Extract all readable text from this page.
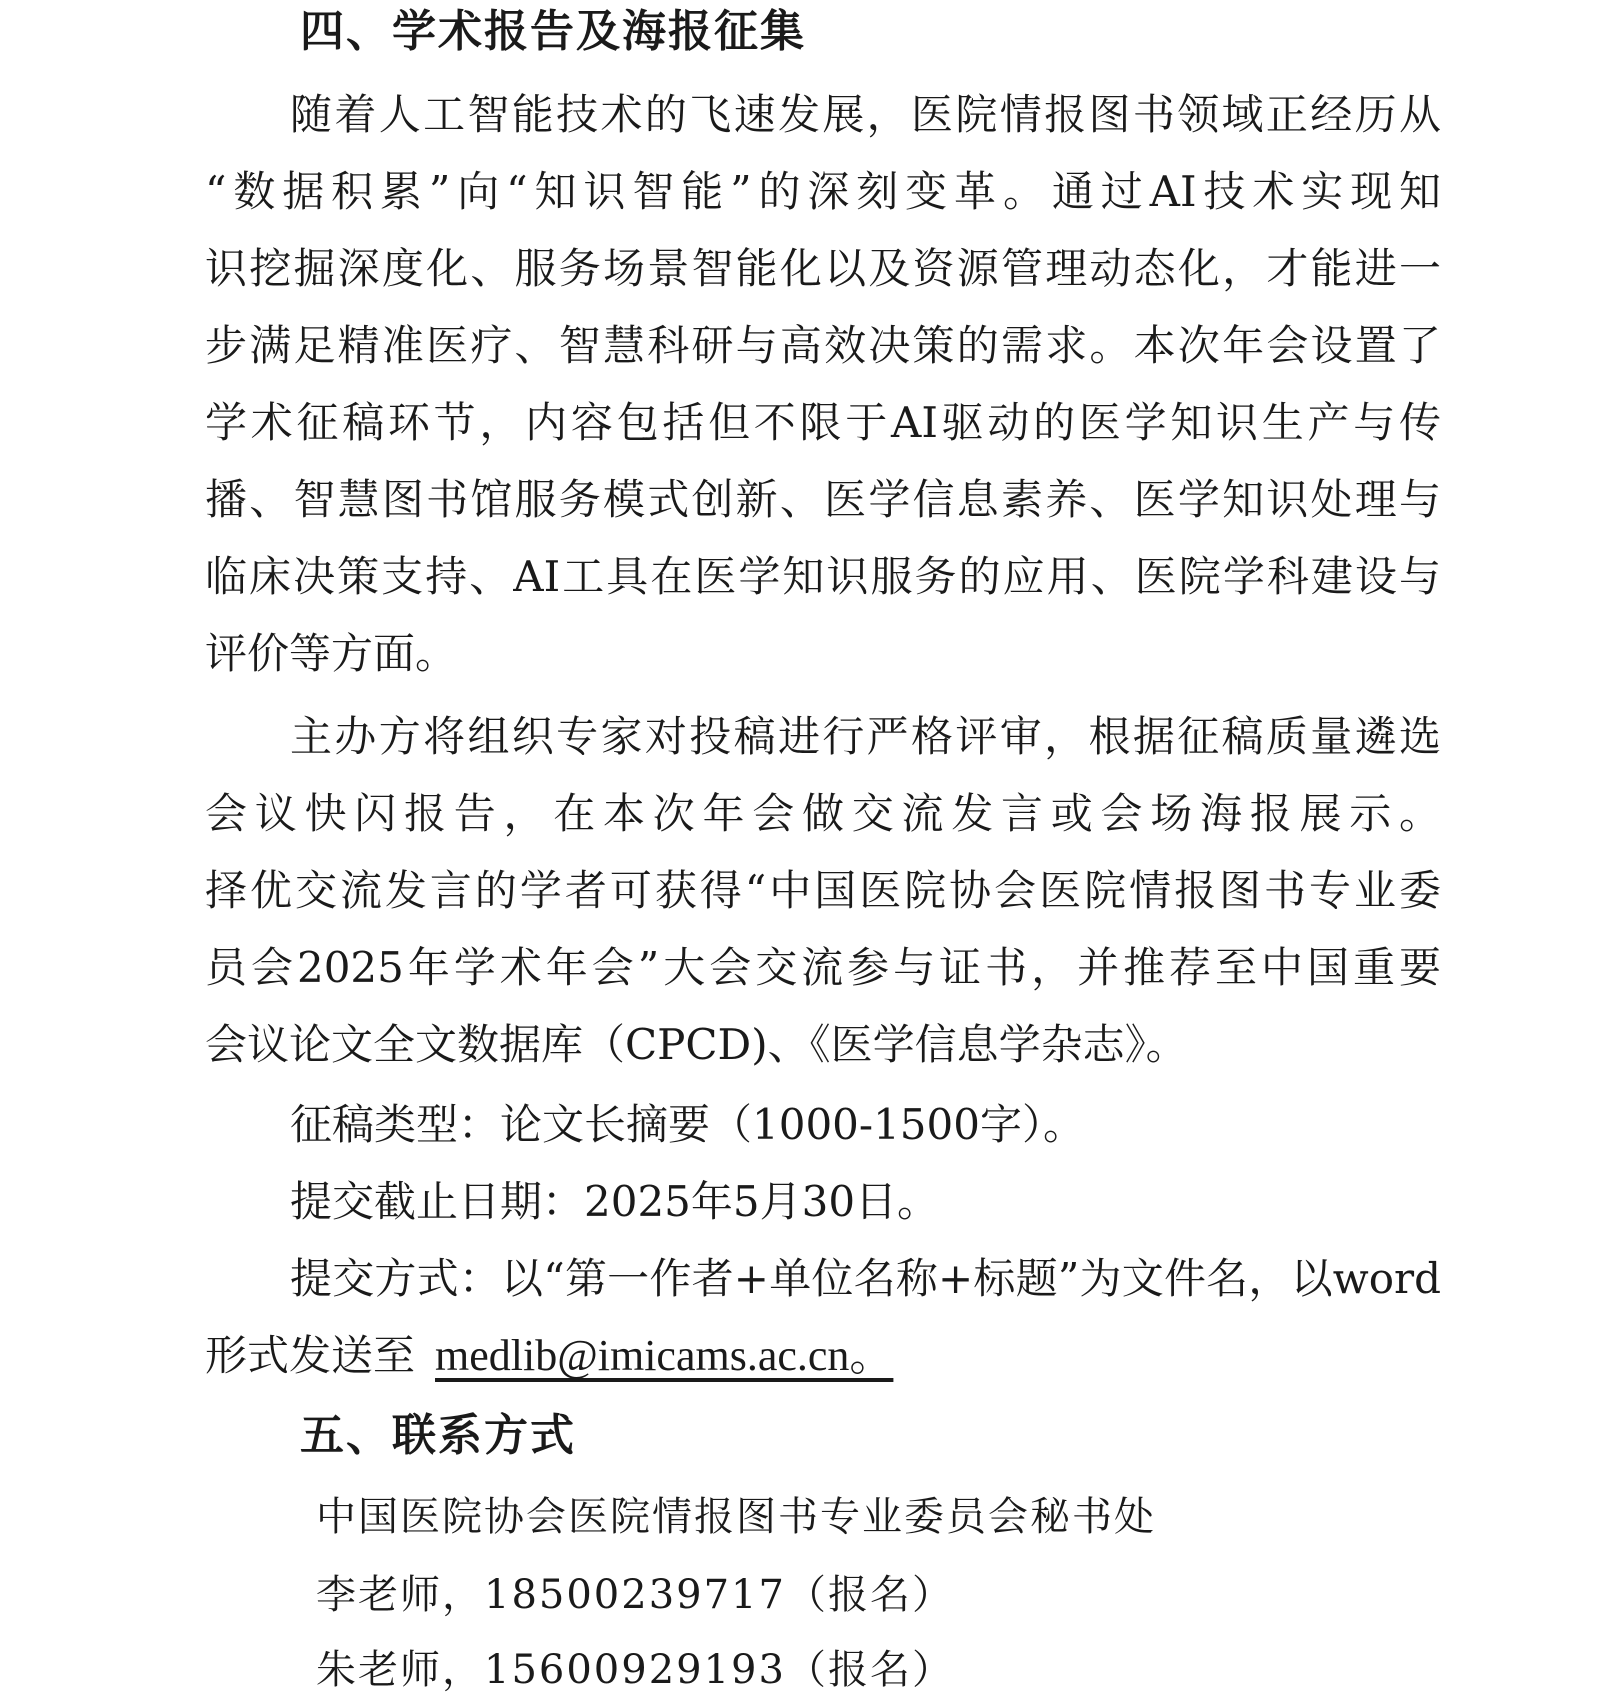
四、学术报告及海报征集
随着人工智能技术的飞速发展，医院情报图书领域正经历从
“数据积累”向“知识智能”的深刻变革。通过AI技术实现知
识挖掘深度化、服务场景智能化以及资源管理动态化，才能进一
步满足精准医疗、智慧科研与高效决策的需求。本次年会设置了
学术征稿环节，内容包括但不限于AI驱动的医学知识生产与传
播、智慧图书馆服务模式创新、医学信息素养、医学知识处理与
临床决策支持、AI工具在医学知识服务的应用、医院学科建设与
评价等方面。
主办方将组织专家对投稿进行严格评审，根据征稿质量遴选
会议快闪报告，在本次年会做交流发言或会场海报展示。
择优交流发言的学者可获得“中国医院协会医院情报图书专业委
员会2025年学术年会”大会交流参与证书，并推荐至中国重要
会议论文全文数据库（CPCD)、《医学信息学杂志》。

征稿类型：论文长摘要（1000-1500字）。

提交截止日期：2025年5月30日。

提交方式：以“第一作者+单位名称+标题”为文件名，以word
形式发送至 medlib@imicams.ac.cn。
五、联系方式

中国医院协会医院情报图书专业委员会秘书处

李老师，18500239717（报名）

朱老师，15600929193（报名）
